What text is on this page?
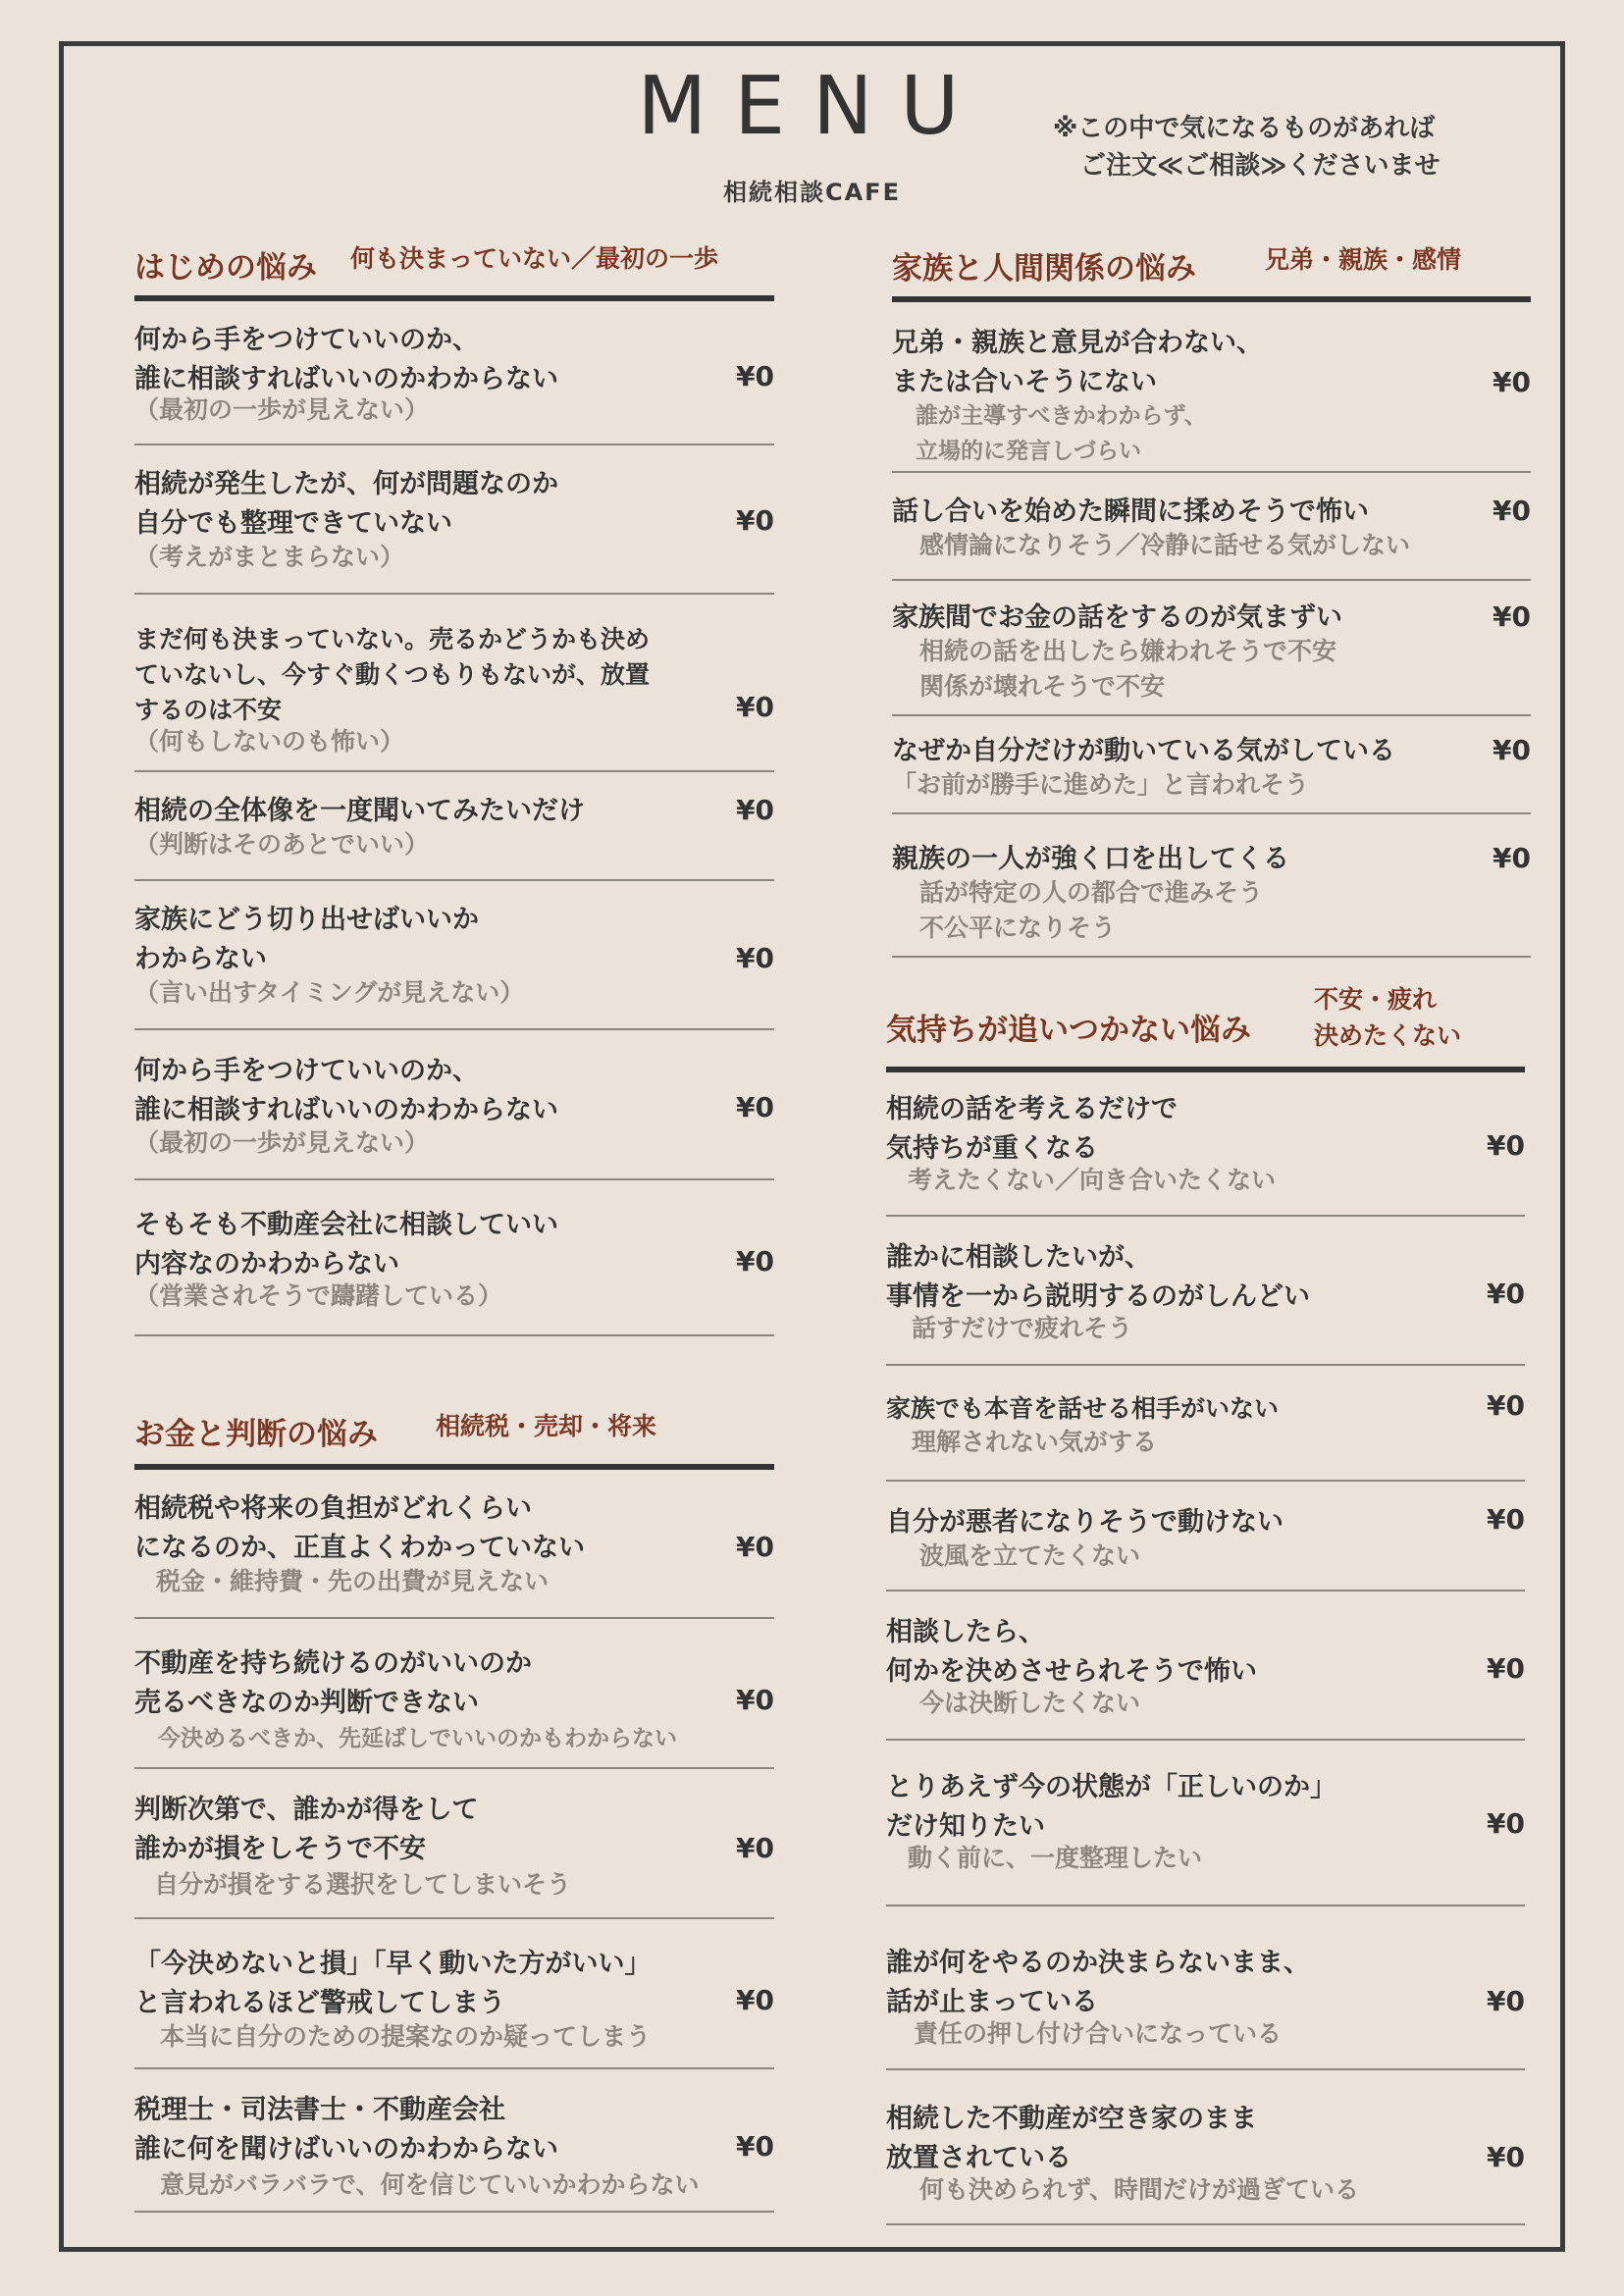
MENU
相続相談CAFE
※この中で気になるものがあれば
ご注文≪ご相談≫くださいませ
はじめの悩み 何も決まっていない／最初の一歩
何から手をつけていいのか、
誰に相談すればいいのかわからない
（最初の一歩が見えない）
¥0
相続が発生したが、何が問題なのか
自分でも整理できていない
（考えがまとまらない）
¥0
まだ何も決まっていない。売るかどうかも決め
ていないし、今すぐ動くつもりもないが、放置
するのは不安
（何もしないのも怖い）
¥0
相続の全体像を一度聞いてみたいだけ
（判断はそのあとでいい）
¥0
家族にどう切り出せばいいか
わからない
（言い出すタイミングが見えない）
¥0
何から手をつけていいのか、
誰に相談すればいいのかわからない
（最初の一歩が見えない）
¥0
そもそも不動産会社に相談していい
内容なのかわからない
（営業されそうで躊躇している）
¥0
お金と判断の悩み 相続税・売却・将来
相続税や将来の負担がどれくらい
になるのか、正直よくわかっていない
税金・維持費・先の出費が見えない
¥0
不動産を持ち続けるのがいいのか
売るべきなのか判断できない
今決めるべきか、先延ばしでいいのかもわからない
¥0
判断次第で、誰かが得をして
誰かが損をしそうで不安
自分が損をする選択をしてしまいそう
¥0
「今決めないと損」「早く動いた方がいい」
と言われるほど警戒してしまう
本当に自分のための提案なのか疑ってしまう
¥0
税理士・司法書士・不動産会社
誰に何を聞けばいいのかわからない
意見がバラバラで、何を信じていいかわからない
¥0
家族と人間関係の悩み	兄弟・親族・感情
兄弟・親族と意見が合わない、
または合いそうにない
誰が主導すべきかわからず、
立場的に発言しづらい
¥0
話し合いを始めた瞬間に揉めそうで怖い
感情論になりそう／冷静に話せる気がしない
¥0
家族間でお金の話をするのが気まずい
相続の話を出したら嫌われそうで不安
関係が壊れそうで不安
¥0
なぜか自分だけが動いている気がしている
「お前が勝手に進めた」と言われそう
¥0
親族の一人が強く口を出してくる
話が特定の人の都合で進みそう
不公平になりそう
¥0
気持ちが追いつかない悩み
不安・疲れ
決めたくない
相続の話を考えるだけで
気持ちが重くなる
考えたくない／向き合いたくない
¥0
誰かに相談したいが、
事情を一から説明するのがしんどい
話すだけで疲れそう
¥0
家族でも本音を話せる相手がいない
理解されない気がする
¥0
自分が悪者になりそうで動けない
波風を立てたくない
¥0
相談したら、
何かを決めさせられそうで怖い
今は決断したくない
¥0
とりあえず今の状態が「正しいのか」
だけ知りたい
動く前に、一度整理したい
¥0
誰が何をやるのか決まらないまま、
話が止まっている
責任の押し付け合いになっている
¥0
相続した不動産が空き家のまま
放置されている
何も決められず、時間だけが過ぎている
¥0
